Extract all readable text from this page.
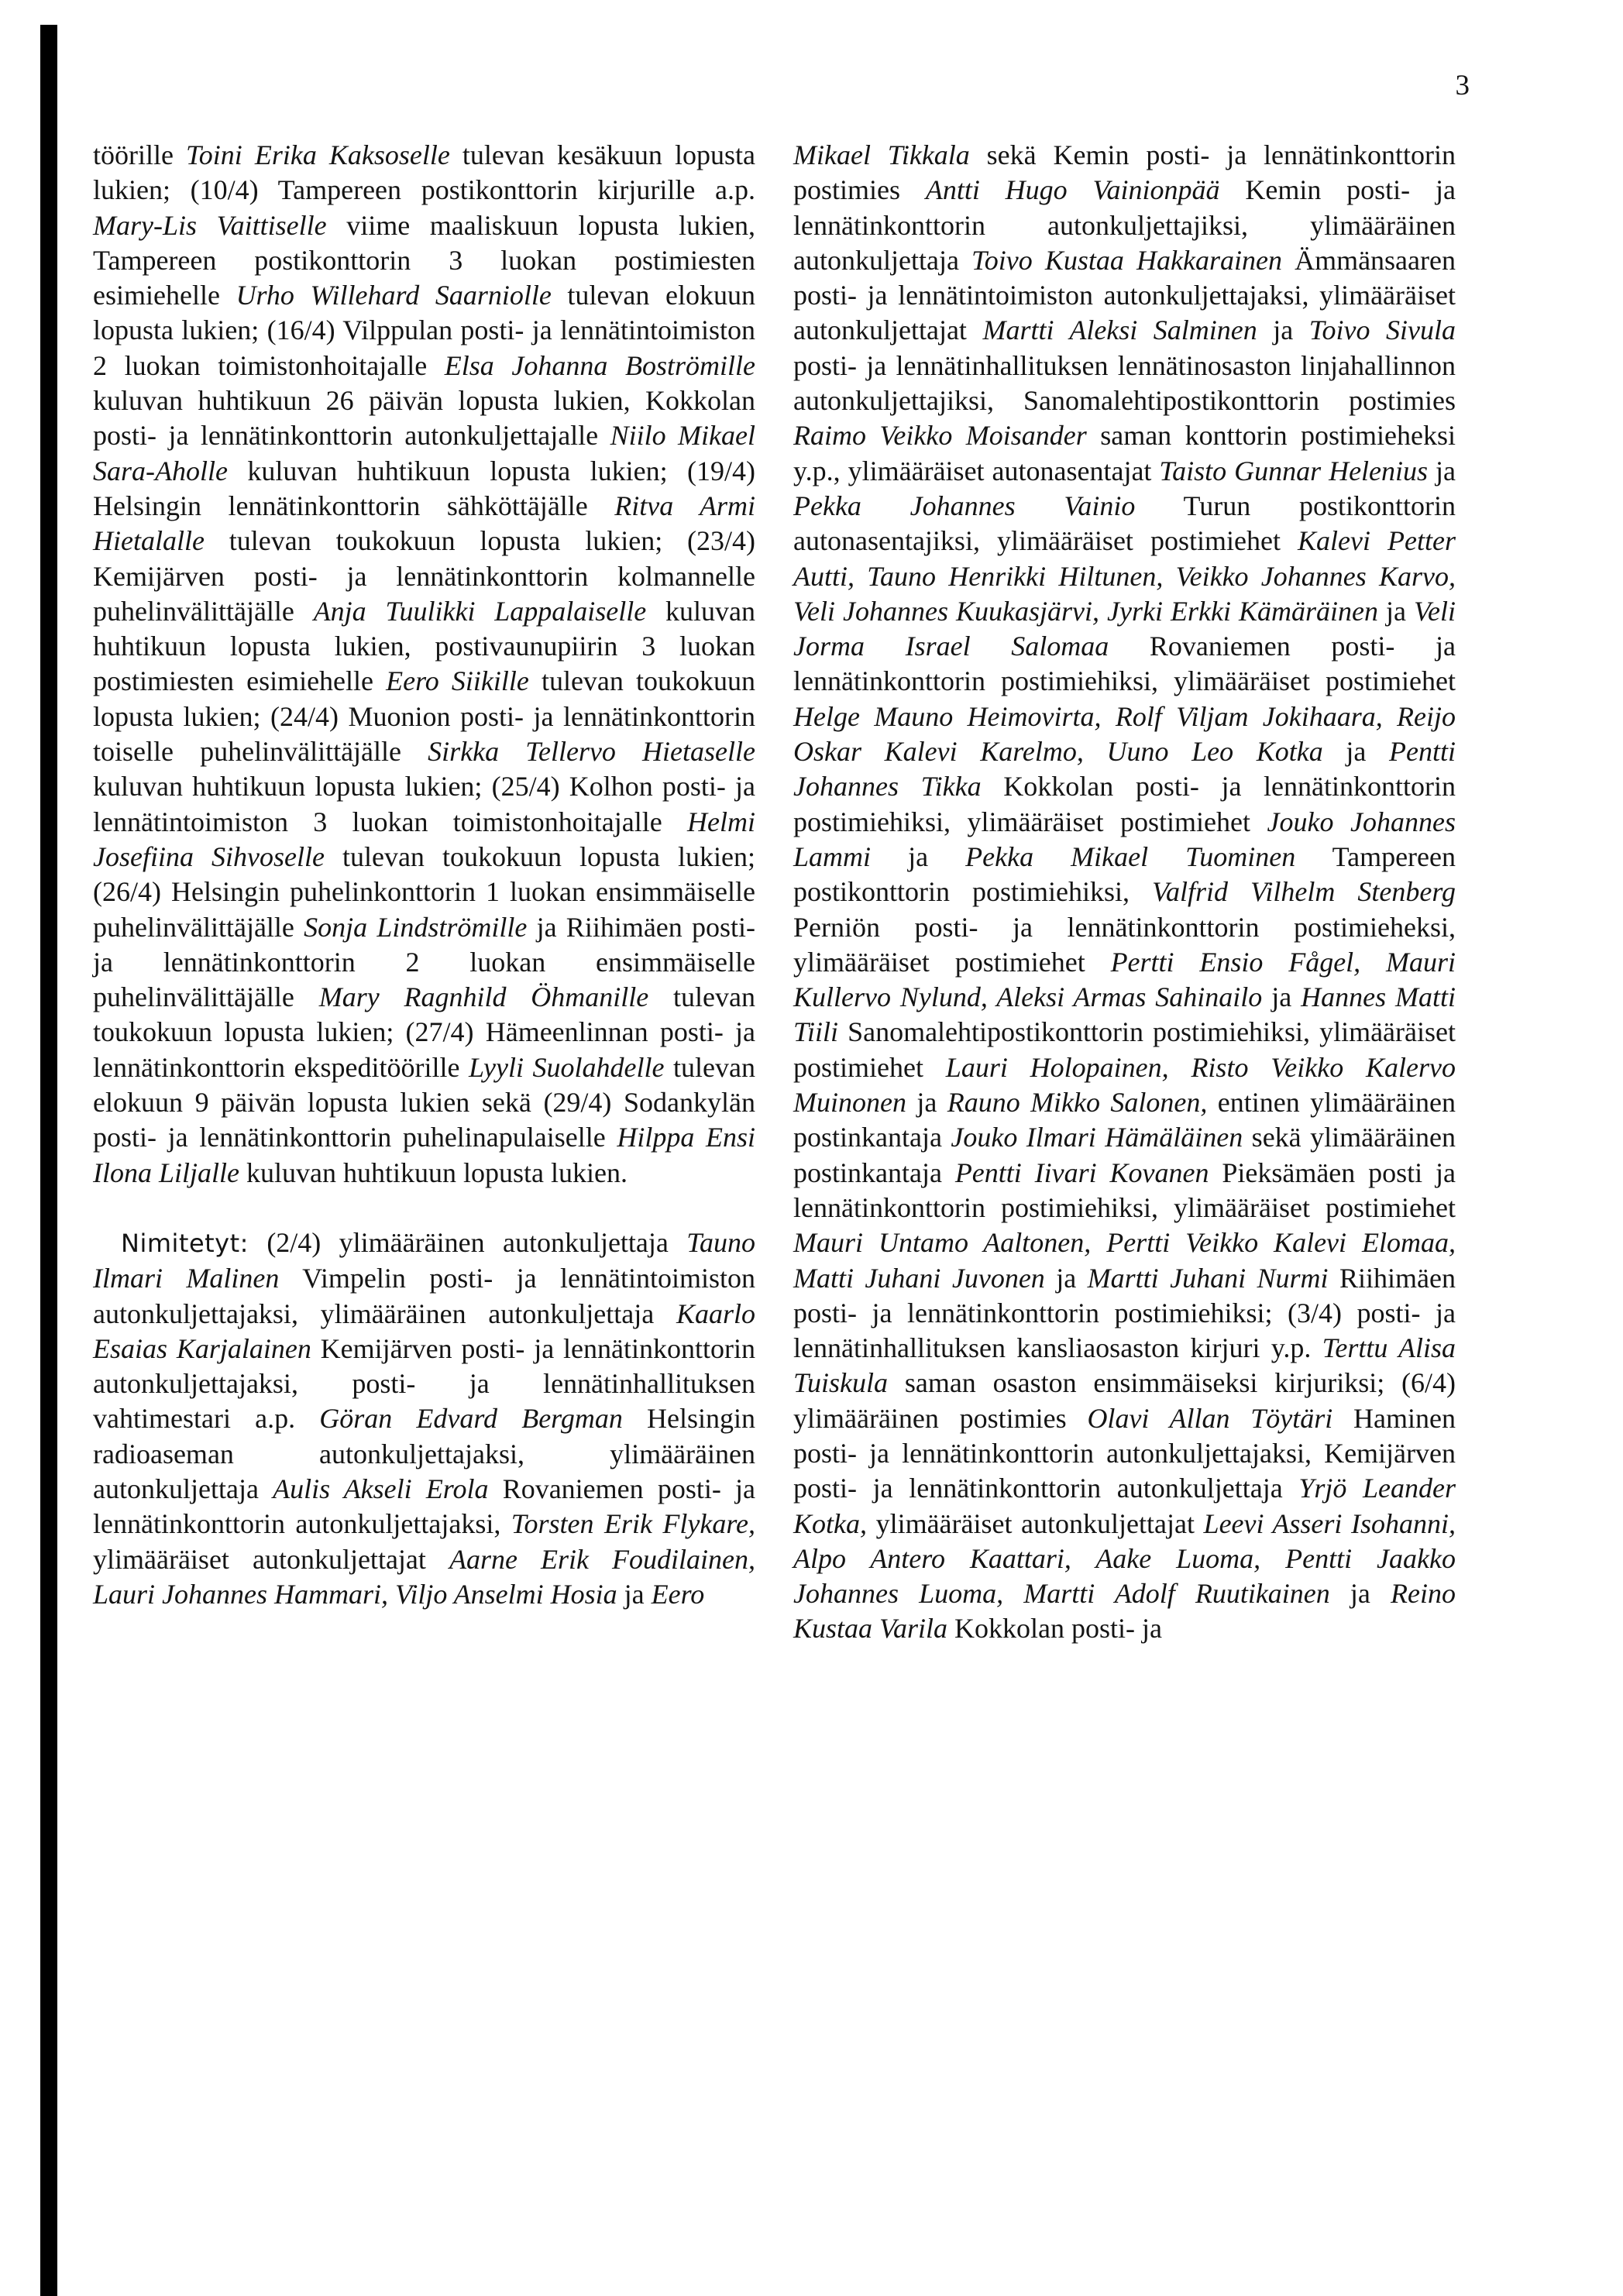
3

töörille Toini Erika Kaksoselle tulevan kesäkuun lopusta lukien; (10/4) Tampereen postikonttorin kirjurille a.p. Mary-Lis Vaittiselle viime maaliskuun lopusta lukien, Tampereen postikonttorin 3 luokan postimiesten esimiehelle Urho Willehard Saarniolle tulevan elokuun lopusta lukien; (16/4) Vilppulan posti- ja lennätintoimiston 2 luokan toimistonhoitajalle Elsa Johanna Boströmille kuluvan huhtikuun 26 päivän lopusta lukien, Kokkolan posti- ja lennätinkonttorin autonkuljettajalle Niilo Mikael Sara-Aholle kuluvan huhtikuun lopusta lukien; (19/4) Helsingin lennätinkonttorin sähköttäjälle Ritva Armi Hietalalle tulevan toukokuun lopusta lukien; (23/4) Kemijärven posti- ja lennätinkonttorin kolmannelle puhelinvälittäjälle Anja Tuulikki Lappalaiselle kuluvan huhtikuun lopusta lukien, postivaunupiirin 3 luokan postimiesten esimiehelle Eero Siikille tulevan toukokuun lopusta lukien; (24/4) Muonion posti- ja lennätinkonttorin toiselle puhelinvälittäjälle Sirkka Tellervo Hietaselle kuluvan huhtikuun lopusta lukien; (25/4) Kolhon posti- ja lennätintoimiston 3 luokan toimistonhoitajalle Helmi Josefiina Sihvoselle tulevan toukokuun lopusta lukien; (26/4) Helsingin puhelinkonttorin 1 luokan ensimmäiselle puhelinvälittäjälle Sonja Lindströmille ja Riihimäen posti- ja lennätinkonttorin 2 luokan ensimmäiselle puhelinvälittäjälle Mary Ragnhild Öhmanille tulevan toukokuun lopusta lukien; (27/4) Hämeenlinnan posti- ja lennätinkonttorin ekspeditöörille Lyyli Suolahdelle tulevan elokuun 9 päivän lopusta lukien sekä (29/4) Sodankylän posti- ja lennätinkonttorin puhelinapulaiselle Hilppa Ensi Ilona Liljalle kuluvan huhtikuun lopusta lukien.

Nimitetyt: (2/4) ylimääräinen autonkuljettaja Tauno Ilmari Malinen Vimpelin posti- ja lennätintoimiston autonkuljettajaksi, ylimääräinen autonkuljettaja Kaarlo Esaias Karjalainen Kemijärven posti- ja lennätinkonttorin autonkuljettajaksi, posti- ja lennätinhallituksen vahtimestari a.p. Göran Edvard Bergman Helsingin radioaseman autonkuljettajaksi, ylimääräinen autonkuljettaja Aulis Akseli Erola Rovaniemen posti- ja lennätinkonttorin autonkuljettajaksi, Torsten Erik Flykare, ylimääräiset autonkuljettajat Aarne Erik Foudilainen, Lauri Johannes Hammari, Viljo Anselmi Hosia ja Eero

Mikael Tikkala sekä Kemin posti- ja lennätinkonttorin postimies Antti Hugo Vainionpää Kemin posti- ja lennätinkonttorin autonkuljettajiksi, ylimääräinen autonkuljettaja Toivo Kustaa Hakkarainen Ämmänsaaren posti- ja lennätintoimiston autonkuljettajaksi, ylimääräiset autonkuljettajat Martti Aleksi Salminen ja Toivo Sivula posti- ja lennätinhallituksen lennätinosaston linjahallinnon autonkuljettajiksi, Sanomalehtipostikonttorin postimies Raimo Veikko Moisander saman konttorin postimieheksi y.p., ylimääräiset autonasentajat Taisto Gunnar Helenius ja Pekka Johannes Vainio Turun postikonttorin autonasentajiksi, ylimääräiset postimiehet Kalevi Petter Autti, Tauno Henrikki Hiltunen, Veikko Johannes Karvo, Veli Johannes Kuukasjärvi, Jyrki Erkki Kämäräinen ja Veli Jorma Israel Salomaa Rovaniemen posti- ja lennätinkonttorin postimiehiksi, ylimääräiset postimiehet Helge Mauno Heimovirta, Rolf Viljam Jokihaara, Reijo Oskar Kalevi Karelmo, Uuno Leo Kotka ja Pentti Johannes Tikka Kokkolan posti- ja lennätinkonttorin postimiehiksi, ylimääräiset postimiehet Jouko Johannes Lammi ja Pekka Mikael Tuominen Tampereen postikonttorin postimiehiksi, Valfrid Vilhelm Stenberg Perniön posti- ja lennätinkonttorin postimieheksi, ylimääräiset postimiehet Pertti Ensio Fågel, Mauri Kullervo Nylund, Aleksi Armas Sahinailo ja Hannes Matti Tiili Sanomalehtipostikonttorin postimiehiksi, ylimääräiset postimiehet Lauri Holopainen, Risto Veikko Kalervo Muinonen ja Rauno Mikko Salonen, entinen ylimääräinen postinkantaja Jouko Ilmari Hämäläinen sekä ylimääräinen postinkantaja Pentti Iivari Kovanen Pieksämäen posti ja lennätinkonttorin postimiehiksi, ylimääräiset postimiehet Mauri Untamo Aaltonen, Pertti Veikko Kalevi Elomaa, Matti Juhani Juvonen ja Martti Juhani Nurmi Riihimäen posti- ja lennätinkonttorin postimiehiksi; (3/4) posti- ja lennätinhallituksen kansliaosaston kirjuri y.p. Terttu Alisa Tuiskula saman osaston ensimmäiseksi kirjuriksi; (6/4) ylimääräinen postimies Olavi Allan Töytäri Haminen posti- ja lennätinkonttorin autonkuljettajaksi, Kemijärven posti- ja lennätinkonttorin autonkuljettaja Yrjö Leander Kotka, ylimääräiset autonkuljettajat Leevi Asseri Isohanni, Alpo Antero Kaattari, Aake Luoma, Pentti Jaakko Johannes Luoma, Martti Adolf Ruutikainen ja Reino Kustaa Varila Kokkolan posti- ja
